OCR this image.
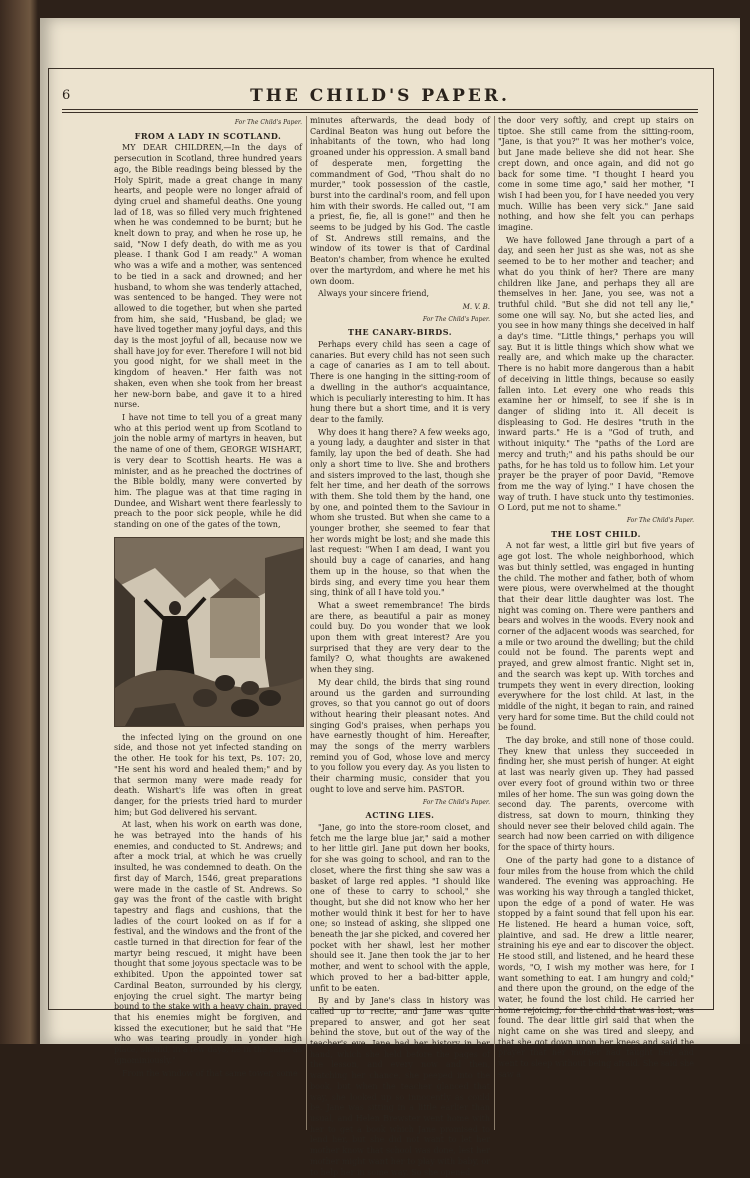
6	THE CHILD'S PAPER.
For The Child's Paper.
FROM A LADY IN SCOTLAND.

MY DEAR CHILDREN,—In the days of persecution in Scotland, three hundred years ago, the Bible readings being blessed by the Holy Spirit, made a great change in many hearts, and people were no longer afraid of dying cruel and shameful deaths. One young lad of 18, was so filled very much frightened when he was condemned to be burnt; but he knelt down to pray, and when he rose up, he said, "Now I defy death, do with me as you please. I thank God I am ready." A woman who was a wife and a mother, was sentenced to be tied in a sack and drowned; and her husband, to whom she was tenderly attached, was sentenced to be hanged. They were not allowed to die together, but when she parted from him, she said, "Husband, be glad; we have lived together many joyful days, and this day is the most joyful of all, because now we shall have joy for ever. Therefore I will not bid you good night, for we shall meet in the kingdom of heaven." Her faith was not shaken, even when she took from her breast her new-born babe, and gave it to a hired nurse.

I have not time to tell you of a great many who at this period went up from Scotland to join the noble army of martyrs in heaven, but the name of one of them, GEORGE WISHART, is very dear to Scottish hearts. He was a minister, and as he preached the doctrines of the Bible boldly, many were converted by him. The plague was at that time raging in Dundee, and Wishart went there fearlessly to preach to the poor sick people, while he did standing on one of the gates of the town,

the infected lying on the ground on one side, and those not yet infected standing on the other. He took for his text, Ps. 107: 20, "He sent his word and healed them;" and by that sermon many were made ready for death. Wishart's life was often in great danger, for the priests tried hard to murder him; but God delivered his servant.

At last, when his work on earth was done, he was betrayed into the hands of his enemies, and conducted to St. Andrews; and after a mock trial, at which he was cruelly insulted, he was condemned to death. On the first day of March, 1546, great preparations were made in the castle of St. Andrews. So gay was the front of the castle with bright tapestry and flags and cushions, that the ladies of the court looked on as if for a festival, and the windows and the front of the castle turned in that direction for fear of the martyr being rescued, it might have been thought that some joyous spectacle was to be exhibited. Upon the appointed tower sat Cardinal Beaton, surrounded by his clergy, enjoying the cruel sight. The martyr being bound to the stake with a heavy chain, prayed that his enemies might be forgiven, and kissed the executioner, but he said that "He who was tearing proudly in yonder high place, should, in a few days, lie in the same as ignominiously."

From the window of that same tower, some

minutes afterwards, the dead body of Cardinal Beaton was hung out before the inhabitants of the town, who had long groaned under his oppression. A small band of desperate men, forgetting the commandment of God, "Thou shalt do no murder," took possession of the castle, burst into the cardinal's room, and fell upon him with their swords. He called out, "I am a priest, fie, fie, all is gone!" and then he seems to be judged by his God. The castle of St. Andrews still remains, and the window of its tower is that of Cardinal Beaton's chamber, from whence he exulted over the martyrdom, and where he met his own doom.

Always your sincere friend,

M. V. B.
For The Child's Paper.
THE CANARY-BIRDS.

Perhaps every child has seen a cage of canaries. But every child has not seen such a cage of canaries as I am to tell about. There is one hanging in the sitting-room of a dwelling in the author's acquaintance, which is peculiarly interesting to him. It has hung there but a short time, and it is very dear to the family.

Why does it hang there? A few weeks ago, a young lady, a daughter and sister in that family, lay upon the bed of death. She had only a short time to live. She and brothers and sisters improved to the last, though she felt her time, and her death of the sorrows with them. She told them by the hand, one by one, and pointed them to the Saviour in whom she trusted. But when she came to a younger brother, she seemed to fear that her words might be lost; and she made this last request: "When I am dead, I want you should buy a cage of canaries, and hang them up in the house, so that when the birds sing, and every time you hear them sing, think of all I have told you."

What a sweet remembrance! The birds are there, as beautiful a pair as money could buy. Do you wonder that we look upon them with great interest? Are you surprised that they are very dear to the family? O, what thoughts are awakened when they sing.

My dear child, the birds that sing round around us the garden and surrounding groves, so that you cannot go out of doors without hearing their pleasant notes. And singing God's praises, when perhaps you have earnestly thought of him. Hereafter, may the songs of the merry warblers remind you of God, whose love and mercy to you follow you every day. As you listen to their charming music, consider that you ought to love and serve him. PASTOR.

For The Child's Paper.
ACTING LIES.

"Jane, go into the store-room closet, and fetch me the large blue jar," said a mother to her little girl. Jane put down her books, for she was going to school, and ran to the closet, where the first thing she saw was a basket of large red apples. "I should like one of these to carry to school," she thought, but she did not know who her her mother would think it best for her to have one; so instead of asking, she slipped one beneath the jar she picked, and covered her pocket with her shawl, lest her mother should see it. Jane then took the jar to her mother, and went to school with the apple, which proved to her a bad-bitter apple, unfit to be eaten.

By and by Jane's class in history was called up to recite, and Jane was quite prepared to answer, and got her seat behind the stove, but out of the way of the teacher's eye. Jane had her history in her hand, which she held before the pages of the lesson, and every now and then, watching her chance, she peeped into the book, but when the teacher glanced that way, she looked up so innocently as could be. Jane was sitting in a little earlier than usual, and Helen Brewster went home with her to get a book which Jane promised to lend her, but she did not want to let her mother know that school was done, lest her mother might want her to play with baby, or to help her in some way. So she opened

the door very softly, and crept up stairs on tiptoe. She still came from the sitting-room, "Jane, is that you?" It was her mother's voice, but Jane made believe she did not hear. She crept down, and once again, and did not go back for some time. "I thought I heard you come in some time ago," said her mother, "I wish I had been you, for I have needed you very much. Willie has been very sick." Jane said nothing, and how she felt you can perhaps imagine.

We have followed Jane through a part of a day, and seen her just as she was, not as she seemed to be to her mother and teacher; and what do you think of her? There are many children like Jane, and perhaps they all are themselves in her. Jane, you see, was not a truthful child. "But she did not tell any lie," some one will say. No, but she acted lies, and you see in how many things she deceived in half a day's time. "Little things," perhaps you will say. But it is little things which show what we really are, and which make up the character. There is no habit more dangerous than a habit of deceiving in little things, because so easily fallen into. Let every one who reads this examine her or himself, to see if she is in danger of sliding into it. All deceit is displeasing to God. He desires "truth in the inward parts." He is a "God of truth, and without iniquity." The "paths of the Lord are mercy and truth;" and his paths should be our paths, for he has told us to follow him. Let your prayer be the prayer of poor David, "Remove from me the way of lying." I have chosen the way of truth. I have stuck unto thy testimonies. O Lord, put me not to shame."

For The Child's Paper.
THE LOST CHILD.

A not far west, a little girl but five years of age got lost. The whole neighborhood, which was but thinly settled, was engaged in hunting the child. The mother and father, both of whom were pious, were overwhelmed at the thought that their dear little daughter was lost. The night was coming on. There were panthers and bears and wolves in the woods. Every nook and corner of the adjacent woods was searched, for a mile or two around the dwelling; but the child could not be found. The parents wept and prayed, and grew almost frantic. Night set in, and the search was kept up. With torches and trumpets they went in every direction, looking everywhere for the lost child. At last, in the middle of the night, it began to rain, and rained very hard for some time. But the child could not be found.

The day broke, and still none of those could. They knew that unless they succeeded in finding her, she must perish of hunger. At eight at last was nearly given up. They had passed over every foot of ground within two or three miles of her home. The sun was going down the second day. The parents, overcome with distress, sat down to mourn, thinking they should never see their beloved child again. The search had now been carried on with diligence for the space of thirty hours.

One of the party had gone to a distance of four miles from the house from which the child wandered. The evening was approaching. He was working his way through a tangled thicket, upon the edge of a pond of water. He was stopped by a faint sound that fell upon his ear. He listened. He heard a human voice, soft, plaintive, and sad. He drew a little nearer, straining his eye and ear to discover the object. He stood still, and listened, and he heard these words, "O, I wish my mother was here, for I want something to eat. I am hungry and cold;" and there upon the ground, on the edge of the water, he found the lost child. He carried her home rejoicing, for the child that was lost, was found. The dear little girl said that when the night came on she was tired and sleepy, and that she got down upon her knees and said the prayer that her mother had taught her, and went to sleep without being afraid. She said she saw a
